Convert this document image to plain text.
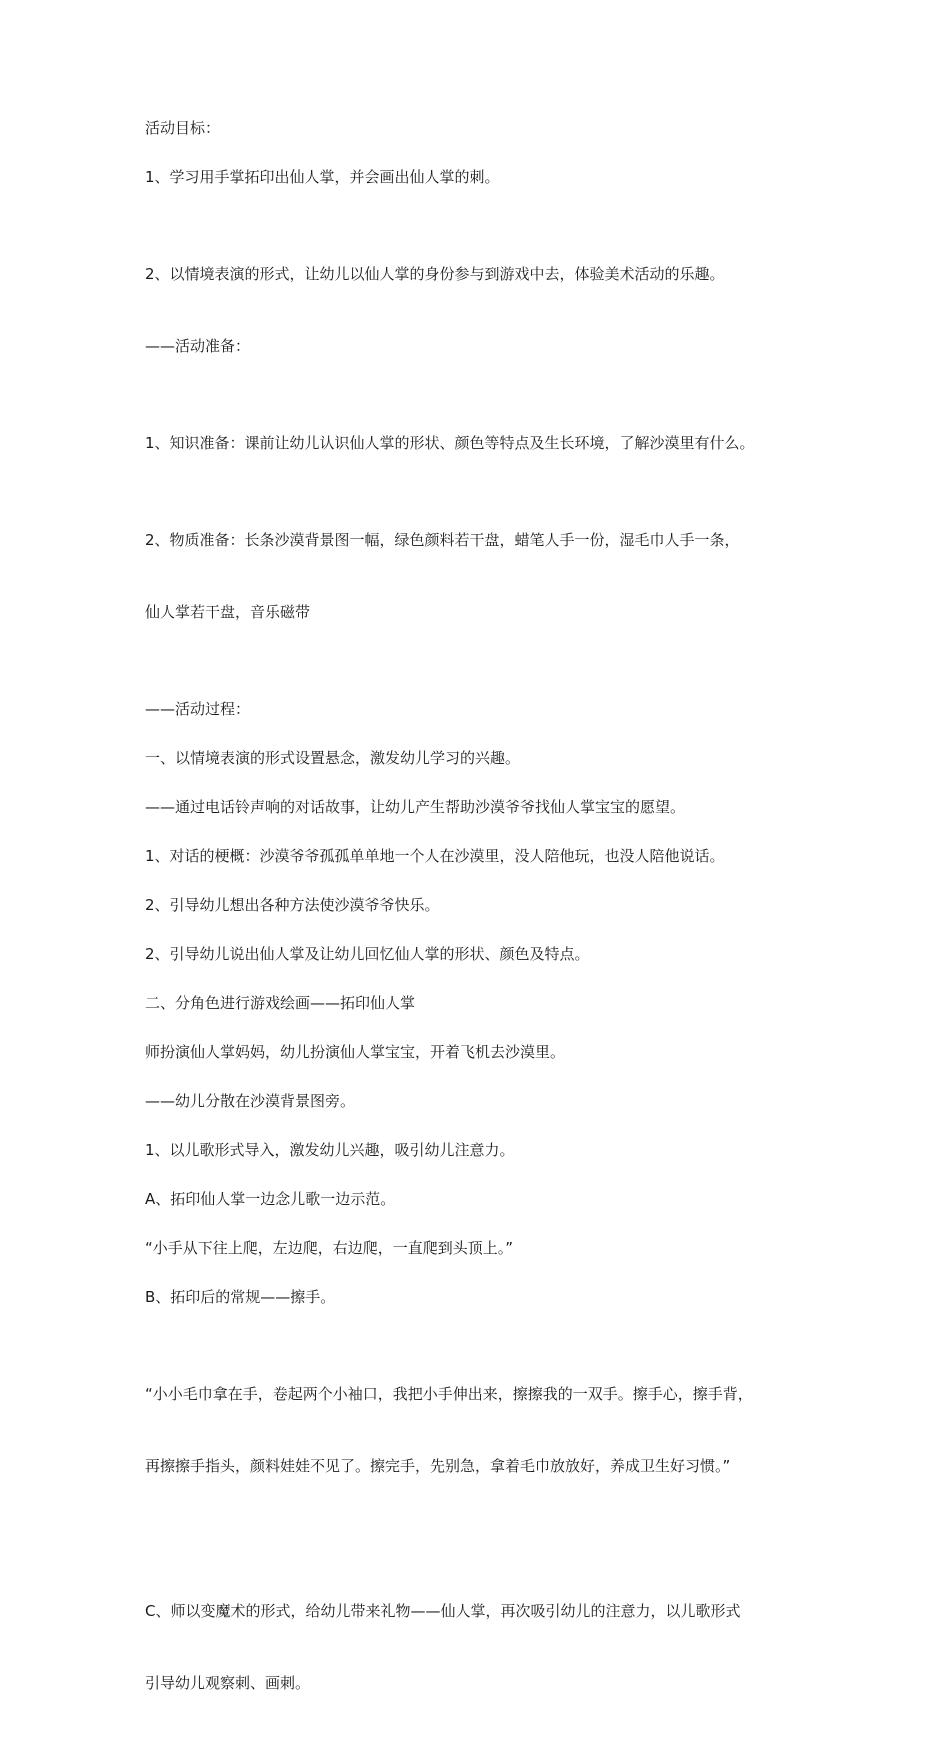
活动目标：

1、学习用手掌拓印出仙人掌，并会画出仙人掌的刺。

2、以情境表演的形式，让幼儿以仙人掌的身份参与到游戏中去，体验美术活动的乐趣。

——活动准备：

1、知识准备：课前让幼儿认识仙人掌的形状、颜色等特点及生长环境，了解沙漠里有什么。

2、物质准备：长条沙漠背景图一幅，绿色颜料若干盘，蜡笔人手一份，湿毛巾人手一条，

仙人掌若干盘，音乐磁带

——活动过程：

一、以情境表演的形式设置悬念，激发幼儿学习的兴趣。

——通过电话铃声响的对话故事，让幼儿产生帮助沙漠爷爷找仙人掌宝宝的愿望。

1、对话的梗概：沙漠爷爷孤孤单单地一个人在沙漠里，没人陪他玩，也没人陪他说话。

2、引导幼儿想出各种方法使沙漠爷爷快乐。

2、引导幼儿说出仙人掌及让幼儿回忆仙人掌的形状、颜色及特点。

二、分角色进行游戏绘画——拓印仙人掌

师扮演仙人掌妈妈，幼儿扮演仙人掌宝宝，开着飞机去沙漠里。

——幼儿分散在沙漠背景图旁。

1、以儿歌形式导入，激发幼儿兴趣，吸引幼儿注意力。

A、拓印仙人掌一边念儿歌一边示范。

“小手从下往上爬，左边爬，右边爬，一直爬到头顶上。”

B、拓印后的常规——擦手。

“小小毛巾拿在手，卷起两个小袖口，我把小手伸出来，擦擦我的一双手。擦手心，擦手背，

再擦擦手指头，颜料娃娃不见了。擦完手，先别急，拿着毛巾放放好，养成卫生好习惯。”

C、师以变魔术的形式，给幼儿带来礼物——仙人掌，再次吸引幼儿的注意力，以儿歌形式

引导幼儿观察刺、画刺。
